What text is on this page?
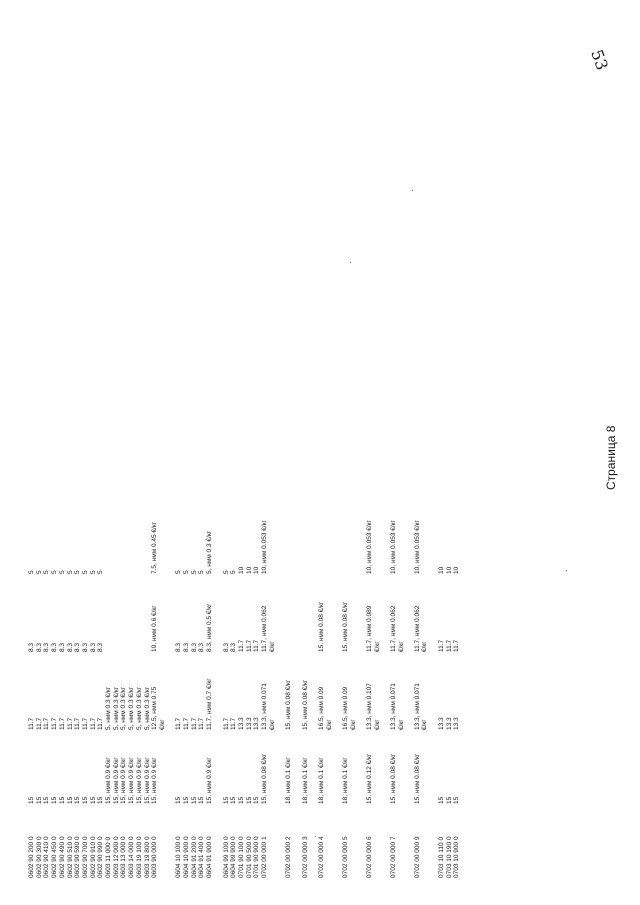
53
0602 90 200 0
15
11.7
8.3
5
0602 90 300 0
15
11.7
8.3
5
0602 90 410 0
15
11.7
8.3
5
0602 90 450 0
15
11.7
8.3
5
0602 90 490 0
15
11.7
8.3
5
0602 90 510 0
15
11.7
8.3
5
0602 90 590 0
15
11.7
8.3
5
0602 90 700 0
15
11.7
8.3
5
0602 90 910 0
15
11.7
8.3
5
0602 90 990 0
15
11.7
8.3
5
0603 11 000 0
15, нмм 0.9 €/кг
5, нмм 0.3 €/кг
0603 12 000 0
15, нмм 0.9 €/кг
5, нмм 0.3 €/кг
0603 13 000 0
15, нмм 0.9 €/кг
5, нмм 0.3 €/кг
0603 14 000 0
15, нмм 0.9 €/кг
5, нмм 0.3 €/кг
0603 19 100 0
15, нмм 0.9 €/кг
5, нмм 0.3 €/кг
0603 19 800 0
15, нмм 0.9 €/кг
5, нмм 0.3 €/кг
0603 90 000 0
15, нмм 0.9 €/кг
12.5, нмм 0.75 €/кг
10, нмм 0.6 €/кг
7.5, нмм 0.45 €/кг
0604 10 100 0
15
11.7
8.3
5
0604 10 900 0
15
11.7
8.3
5
0604 91 200 0
15
11.7
8.3
5
0604 91 400 0
15
11.7
8.3
5
0604 91 900 0
15, нмм 0.9 €/кг
11.7, нмм 0.7 €/кг
8.3, нмм 0.5 €/кг
5, нмм 0.3 €/кг
0604 99 100 0
15
11.7
8.3
5
0604 99 900 0
15
11.7
8.3
5
0701 90 100 0
15
13.3
11.7
10
0701 90 500 0
15
13.3
11.7
10
0701 90 900 0
15
13.3
11.7
10
0702 00 000 1
15, нмм 0.08 €/кг
13.3, нмм 0.071 €/кг
11.7, нмм 0.062 €/кг
10, нмм 0.053 €/кг
0702 00 000 2
18, нмм 0.1 €/кг
15, нмм 0.08 €/кг
0702 00 000 3
18, нмм 0.1 €/кг
15, нмм 0.08 €/кг
0702 00 000 4
18, нмм 0.1 €/кг
16.5, нмм 0.09 €/кг
15, нмм 0.08 €/кг
0702 00 000 5
18, нмм 0.1 €/кг
16.5, нмм 0.09 €/кг
15, нмм 0.08 €/кг
0702 00 000 6
15, нмм 0.12 €/кг
13.3, нмм 0.107 €/кг
11.7, нмм 0.089 €/кг
10, нмм 0.053 €/кг
0702 00 000 7
15, нмм 0.08 €/кг
13.3, нмм 0.071 €/кг
11.7, нмм 0.062 €/кг
10, нмм 0.053 €/кг
0702 00 000 9
15, нмм 0.08 €/кг
13.3, нмм 0.071 €/кг
11.7, нмм 0.062 €/кг
10, нмм 0.053 €/кг
0703 10 110 0
15
13.3
11.7
10
0703 10 190 0
15
13.3
11.7
10
0703 10 900 0
15
13.3
11.7
10
Страница 8
